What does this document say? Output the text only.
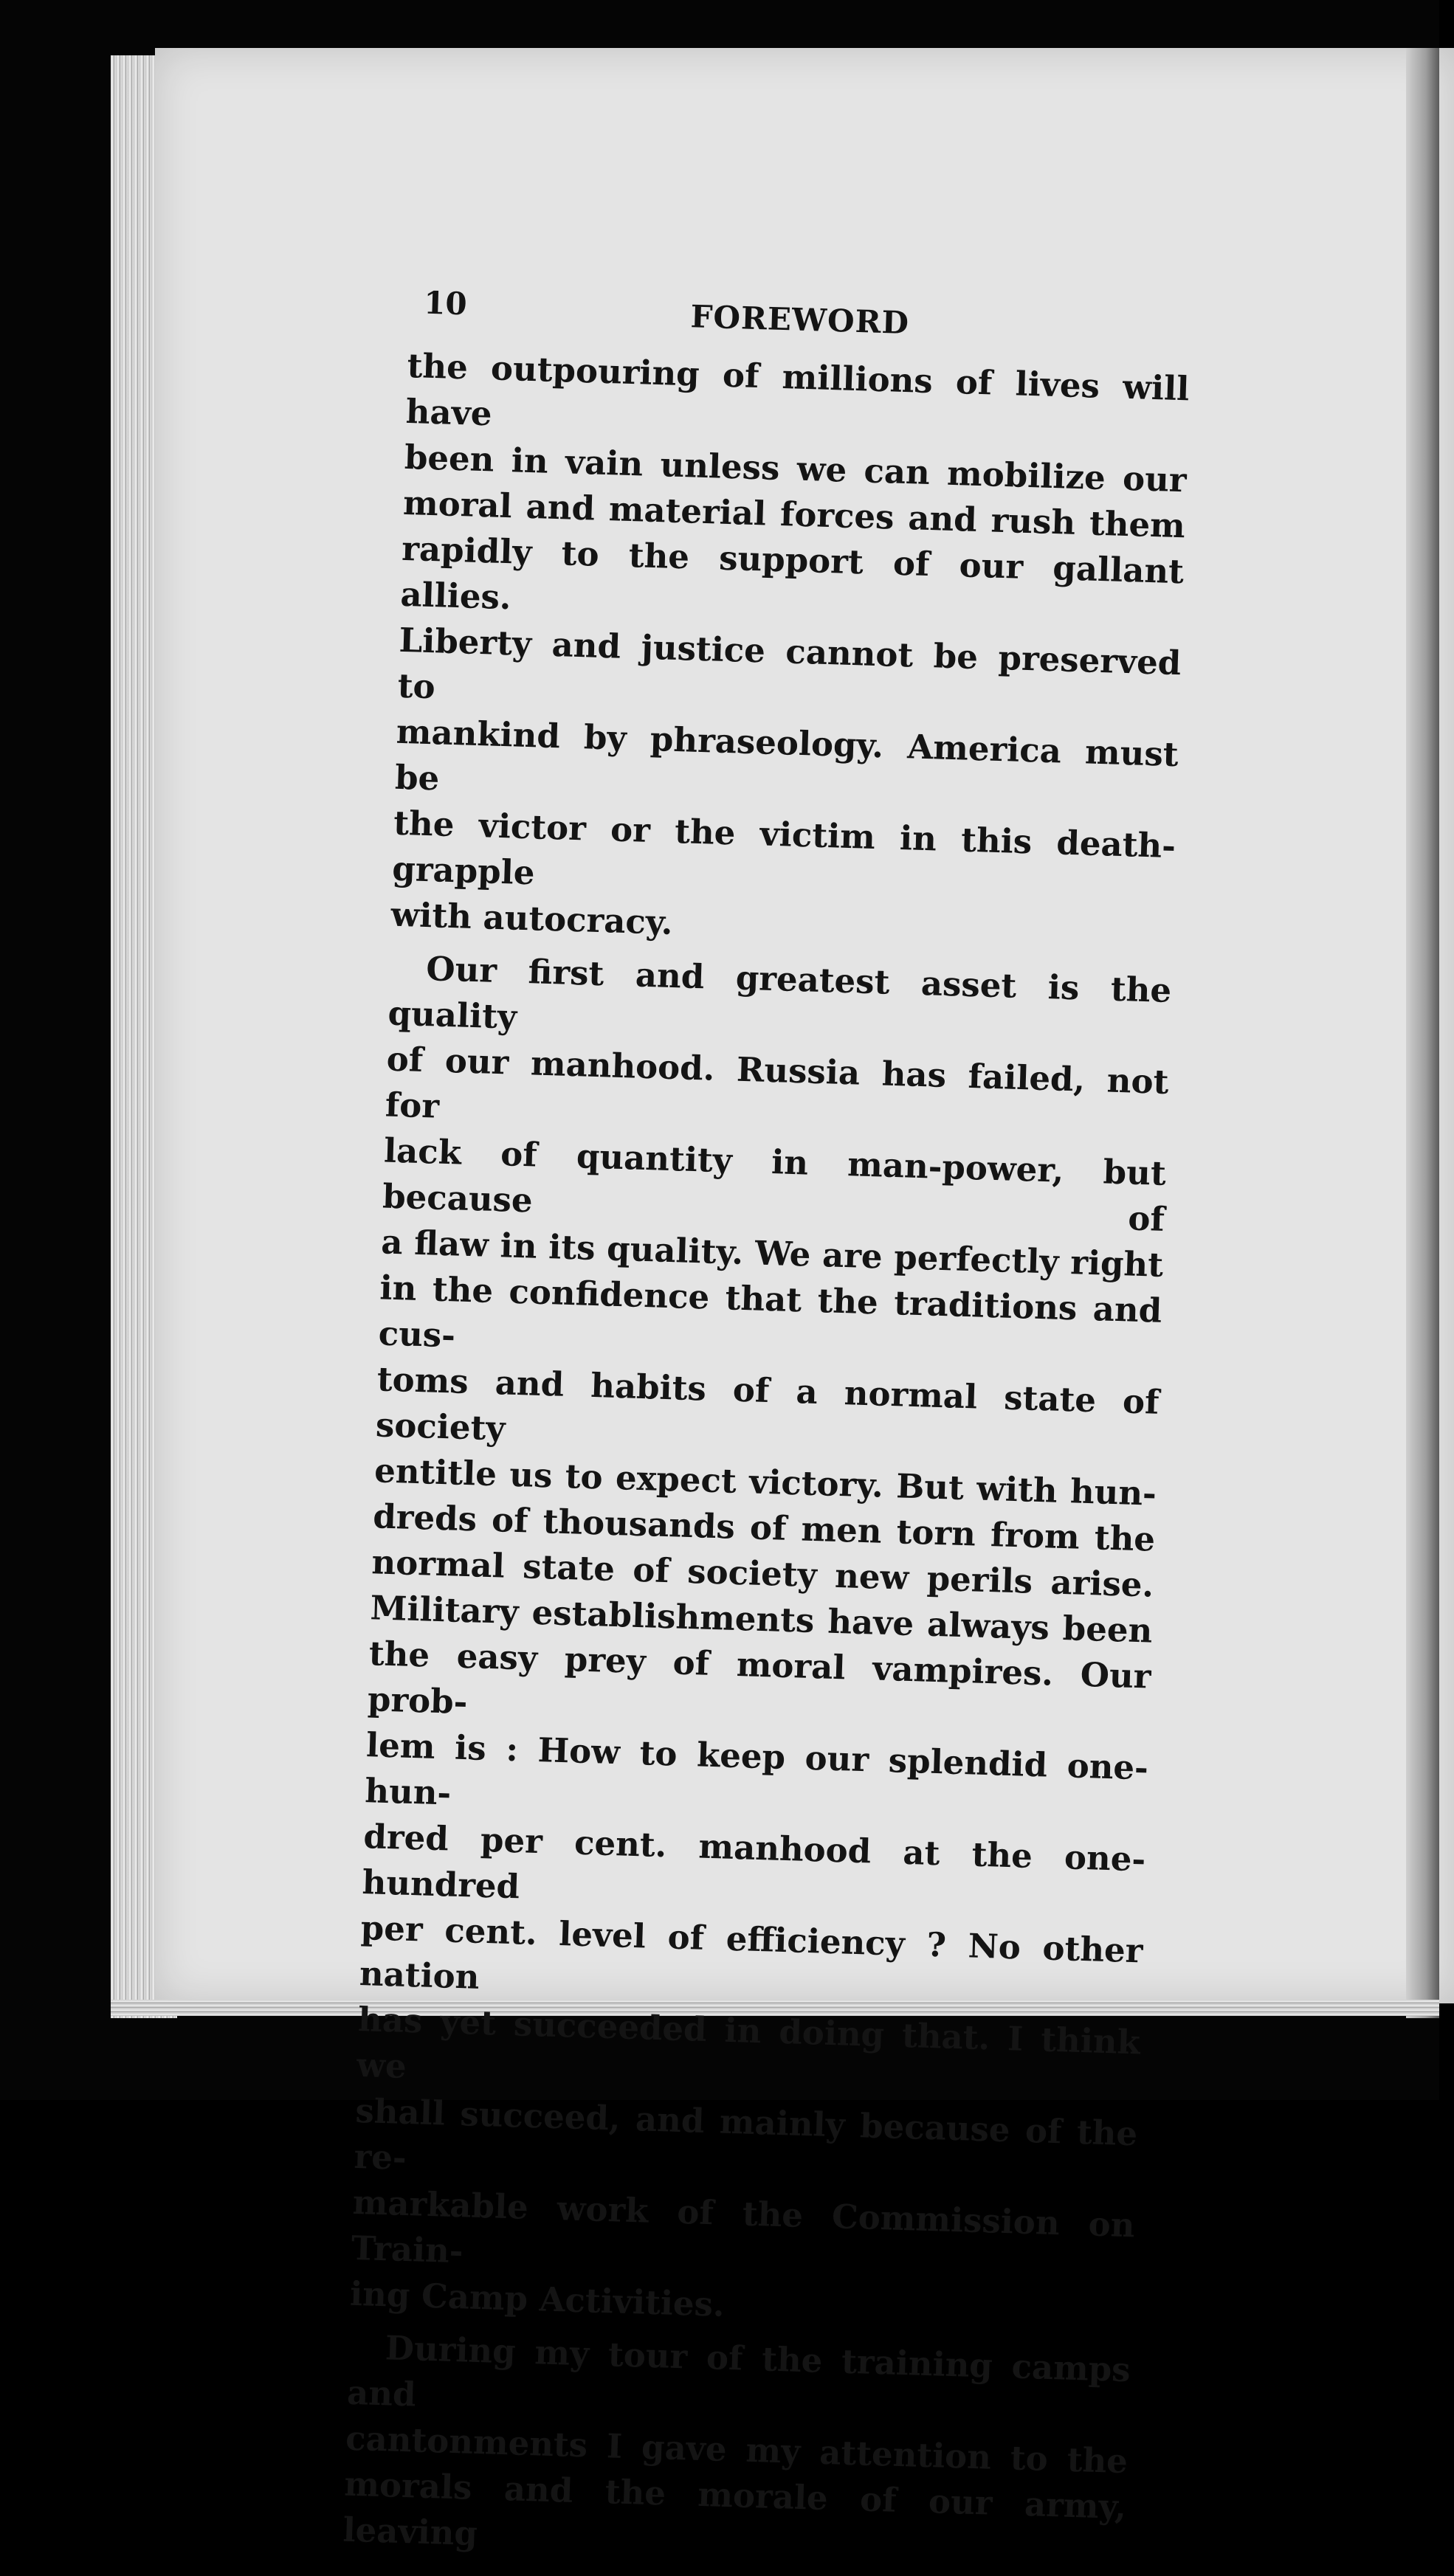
10	FOREWORD

the outpouring of millions of lives will have
been in vain unless we can mobilize our
moral and material forces and rush them
rapidly to the support of our gallant allies.
Liberty and justice cannot be preserved to
mankind by phraseology. America must be
the victor or the victim in this death-grapple
with autocracy.

Our first and greatest asset is the quality
of our manhood. Russia has failed, not for
lack of quantity in man-power, but because of
a flaw in its quality. We are perfectly right
in the confidence that the traditions and cus-
toms and habits of a normal state of society
entitle us to expect victory. But with hun-
dreds of thousands of men torn from the
normal state of society new perils arise.
Military establishments have always been
the easy prey of moral vampires. Our prob-
lem is : How to keep our splendid one-hun-
dred per cent. manhood at the one-hundred
per cent. level of efficiency ? No other nation
has yet succeeded in doing that. I think we
shall succeed, and mainly because of the re-
markable work of the Commission on Train-
ing Camp Activities.

During my tour of the training camps and
cantonments I gave my attention to the
morals and the morale of our army, leaving
